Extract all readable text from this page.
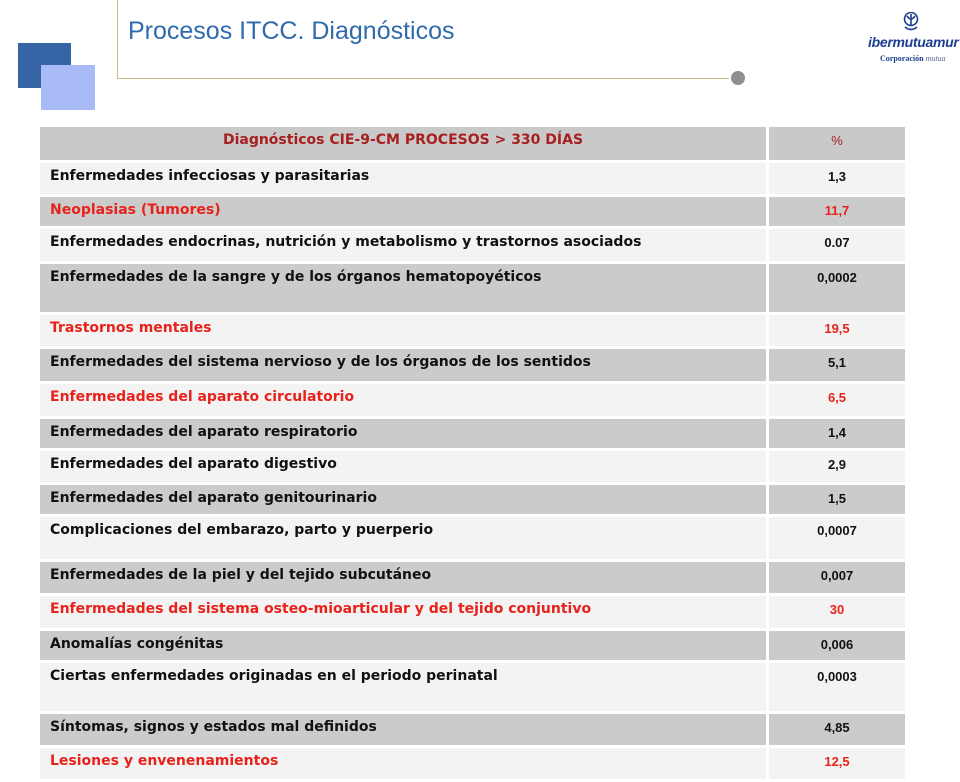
Procesos ITCC. Diagnósticos	ibermutuamur
Corporación mutua
Diagnósticos CIE-9-CM PROCESOS > 330 DÍAS	%
Enfermedades infecciosas y parasitarias	1,3
Neoplasias (Tumores)	11,7
Enfermedades endocrinas, nutrición y metabolismo y trastornos asociados	0.07
Enfermedades de la sangre y de los órganos hematopoyéticos	0,0002
Trastornos mentales	19,5
Enfermedades del sistema nervioso y de los órganos de los sentidos	5,1
Enfermedades del aparato circulatorio	6,5
Enfermedades del aparato respiratorio	1,4
Enfermedades del aparato digestivo	2,9
Enfermedades del aparato genitourinario	1,5
Complicaciones del embarazo, parto y puerperio	0,0007
Enfermedades de la piel y del tejido subcutáneo	0,007
Enfermedades del sistema osteo-mioarticular y del tejido conjuntivo	30
Anomalías congénitas	0,006
Ciertas enfermedades originadas en el periodo perinatal	0,0003
Síntomas, signos y estados mal definidos	4,85
Lesiones y envenenamientos	12,5
